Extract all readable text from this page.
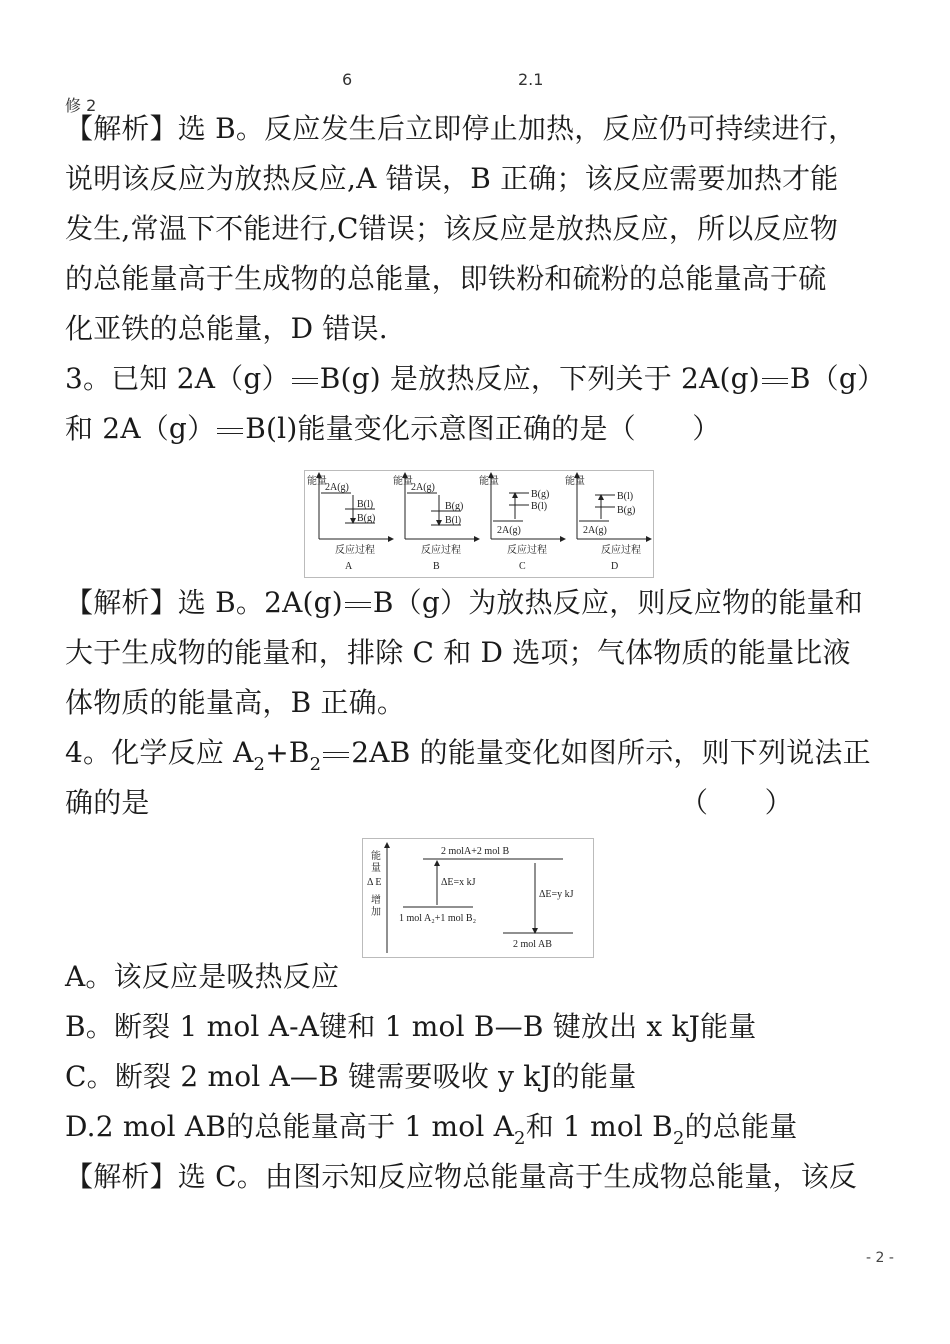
6	2.1
修 2
【解析】选 B。反应发生后立即停止加热，反应仍可持续进行，
说明该反应为放热反应,A 错误，B 正确；该反应需要加热才能
发生,常温下不能进行,C错误；该反应是放热反应，所以反应物
的总能量高于生成物的总能量，即铁粉和硫粉的总能量高于硫
化亚铁的总能量，D 错误.
3。已知 2A（g） B(g) 是放热反应，下列关于 2A(g) B（g）
和 2A（g） B(l)能量变化示意图正确的是（　　）
能量
2A(g)
B(l)
B(g)
反应过程
A
能量
2A(g)
B(g)
B(l)
反应过程
B
能量
2A(g)
B(g)
B(l)
反应过程
C
能量
2A(g)
B(l)
B(g)
反应过程
D
【解析】选 B。2A(g) B（g）为放热反应，则反应物的能量和
大于生成物的能量和，排除 C 和 D 选项；气体物质的能量比液
体物质的能量高，B 正确。
4。化学反应 $A_2+B_2$ 2AB 的能量变化如图所示，则下列说法正
确的是	（　　）
能
量
Δ E
增
加
2 molA+2 mol B
1 mol A₂+1 mol B₂
ΔE=x kJ
2 mol AB
ΔE=y kJ
A。该反应是吸热反应
B。断裂 1 mol A-A键和 1 mol B—B 键放出 x kJ能量
C。断裂 2 mol A—B 键需要吸收 y kJ的能量
D.2 mol AB的总能量高于 1 mol $A_2$和 1 mol $B_2$的总能量
【解析】选 C。由图示知反应物总能量高于生成物总能量，该反
- 2 -
